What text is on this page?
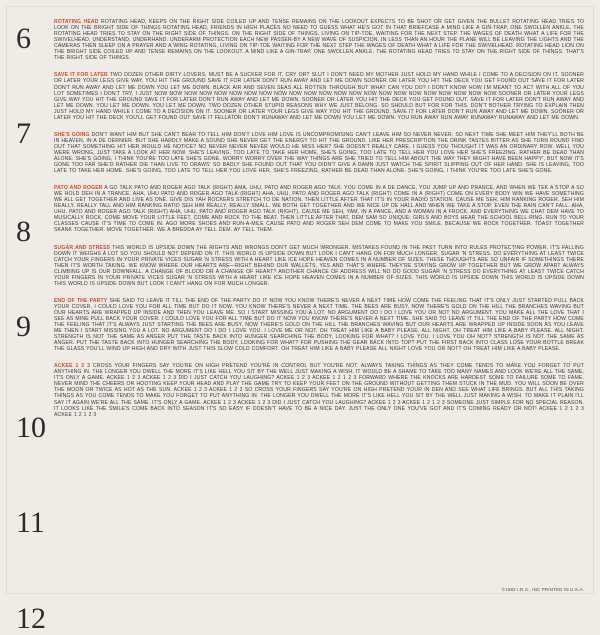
6
7
8
9
10
11
12

ROTATING HEAD ROTATING HEAD, KEEPS ON THE RIGHT SIDE COILED UP AND TENSE REMAINS ON THE LOOKOUT EXPECTS TO BE SHOT OR GET GIVEN THE BULLET ROTATING HEAD TRIES TO LOOK ON THE BRIGHT SIDE OF THINGS ROTATING HEAD, FRIENDS IN HIGH PLACES NO NEED TO GUESS WHAT HE'S GOT IN THAT BRIEFCASE A MIND LIKE A GIN-TRAP, ONE SWOLLEN ANKLE, THE ROTATING HEAD TRIES TO STAY ON THE RIGHT SIDE OF THINGS. ON THE RIGHT SIDE OF THINGS. LIVING ON TIP-TOE, WAITING FOR THE NEXT STEP. THE WAGES OF DEATH WHAT A LIFE FOR THE SWIVELHEAD. UNDERSTAND, UNDERHAND. UNDERARM PROTECTION EACH NEW PASSER-BY A NEW WAVE OF SUSPICION. IN LESS THAN AN HOUR THE PLANE WILL BE LEAVING THE LIGHTS AND THE CAMERAS THEN SLEEP ON A PRAYER AND A WING ROTATING, LIVING ON TIP-TOE WAITING FOR THE NEXT STEP THE WAGES OF DEATH WHAT A LIFE FOR THE SWIVELHEAD. ROTATING HEAD LION ON THE BRIGHT SIDE COILED UP AND TENSE REMAINS ON THE LOOKOUT. A MIND LIKE A GIN-TRAP, ONE SWOLLEN ANKLE. THE ROTATING HEAD TRIES TO STAY ON THE RIGHT SIDE OF THINGS. THAT'S THE RIGHT SIDE OF THINGS.

SAVE IT FOR LATER TWO DOZEN OTHER DIRTY LOVERS, MUST BE A SUCKER FOR IT, CRY OR? SLUT I DON'T NEED MY MOTHER JUST HOLD MY HAND WHILE I COME TO A DECISION ON IT. SOONER OR LATER YOUR LEGS GIVE WAY, YOU HIT THE GROUND SAVE IT FOR LATER DON'T RUN AWAY AND LET ME DOWN SOONER OR LATER YOU HIT THE DECK YOU GET FOUND OUT SAVE IT FOR LATER DON'T RUN AWAY AND LET ME DOWN YOU LET ME DOWN. BLACK AIR AND SEVEN SEAS ALL ROTTEN THROUGH BUT WHAT CAN YOU DO? I DON'T KNOW HOW I'M MEANT TO ACT WITH ALL OF YOU LOT SOMETIMES I DON'T TRY, I JUST NOW NOW NOW NOW NOW NOW NOW NOW NOW NOW NOW NOW NOW NOW NOW NOW NOW NOW NOW NOW NOW NOW NOW SOONER OR LATER YOUR LEGS GIVE WAY YOU HIT THE GROUND SAVE IT FOR LATER DON'T RUN AWAY AND LET ME DOWN. SOONER OR LATER YOU HIT THE DECK YOU GET FOUND OUT. SAVE IT FOR LATER DON'T RUN AWAY AND LET ME DOWN. YOU LET ME DOWN. YOU LET ME DOWN. TWO DOZEN OTHER STUPID REASONS WHY WE JUST BELONG. SO SHOULD BUT FOR FOR THIS. DON'T BOTHER TRYING TO EXPLAIN THEN JUST HOLD MY HAND WHILE I COME TO A DECISION ON IT. SOONER OR LATER YOUR LEGS GIVE WAY YOU HIT THE GROUND. SAVE IT FOR LATER DON'T RUN AWAY AND LET ME DOWN. SOONER OR LATER YOU HIT THE DECK YOU'LL GET FOUND OUT SAVE IT FELLATOR DON'T RUNAWAY AND LET ME DOWN YOU LET ME DOWN. YOU RUN AWAY RUN AWAY RUNAWAY RUNAWAY AND LET ME DOWN.

SHE'S GOING DON'T WANT HIM BUT SHE CAN'T BEAR TO TELL HIM DON'T LOVE HIM LOVE IS UNCOMPROMISING CAN'T LEAVE HIM SO NEVER NEVER. SO NEXT TIME SHE MEET HIM THEY'LL BOTH BE IN HEAVEN, IN A DE DERNIER. BUT SHE HARDLY MAKE A SOUND SHE NEVER GET THE ENERGY TO HIT THE GROUND. LIKE HER PRESCRIPTION THE DRINK TASTES BITTER AS SHE TURN ROUND FIND OUT THAT SOMETHING HIT HER WOULD HE NOTICE? NO NEVER NEVER NEVER WOULD HE MISS HER? SHE DOESN'T REALLY CARE. I GUESS YOU THOUGHT IT WAS AN ORDINARY ROW. WELL YOU WERE WRONG, JUST TAKE A LOOK AT HER NOW. SHE'S LEAVING, TOO LATE TO TAKE HER HOME. SHE'S GOING, TOO LATE TO TELL HER YOU LOVE HER SHE'S FREEZING. RATHER BE DEAD THAN ALONE. SHE'S GOING, I THINK YOU'RE TOO LATE SHE'S GONE. WORRY WORRY OVER THE WAY THINGS ARE SHE TRIED TO TELL HIM ABOUT THE WAY THEY MIGHT HAVE BEEN HAPPY', BUT NOW IT'S GONE TOO FAR SHE'D RATHER DIE THAN LIVE TO DRAWS' SO BADLY SHE FOUND OUT THAT YOU DIDN'T GIVE A DAMN JUST WATCH THE SPIRIT SLIPPING OUT OF HER HAND. SHE IS LEAVING, TOO LATE TO TAKE HER HOME. SHE'S GOING, TOO LATE TO TELL HER YOU LOVE HER. SHE'S FREEZING, RATHER BE DEAD THAN ALONE. SHE'S GOING, I THINK YOU'RE TOO LATE SHE'S GONE.

PATO AND ROGER A GO TALK PATO AND ROGER AGO TALK (RIGHT) AMA, UHU, PATO AND ROGER AGO TALK. YOU COME IN A DE DANCE, YOU JUMP UP AND PRANCE, AND WHEN WE TEK A STOP A SO WE HOLD DEH IN A TRANCE. AHA, UHU PATO AND ROGER AGO TALK (RIGHT) AHA, UHU, PATO AND ROGER AGO TALK (RIGHT) COME IN A (RIGHT) COME ON EVERY BODY WIN WE HAVE SOMETHING WE ALL GET TOGETHER AND LIVE AS ONE. GIVE DIS YAH ROCKERS STRETCH TO DE NATION. THEN LITTLE AFTER THAT IT'S IN YOUR RADIO STATION. CAUSE ME SEH, HIM RANKING ROGER. SEH HIM REALLY. REALLY TALL AND HIM RANKING RATIO SEH HIM REALLY. REALLY SMALL. WE BOTH GET TOGETHER AND WE NICE UP DE HALL AND WHEN WE TAKE A STOP. EVEN THE RAIN CAN'T FALL. AHA, UHU. PATO AND ROGER AGO TALK (RIGHT) AHA, UHU. PATO AND ROGER AGO TALK (RIGHT). CAUSE ME SEH, YAM, IN A PANCE, AND A WOMAN IN A FROCK. AND EVERYTHING WE CHAT DEM HAVE TO MUSICALLY ROCK. COME MOVE YOUR LITTLE FEET, COME AND ROCK TO THE BEAT. THEN LITTLE AFTER THAT, DEM SAM SO UNIQUE: GIRLS AND BOYS HEAR THE SCHOOL BELL RING. RUN TO YOUR CLASSES CAUSE IT'S TIME TO COME IN. AGO MORE SHOES AND RUN-A-MILE CAUSE PATO AND ROGER SEH DEM COME TO MAKE YOU SMILE. BECAUSE WE ROCK TOGETHER. TOAST TOGETHER SKANK TOGETHER. MOVE TOGETHER. WE A BREDDA AY TELL DEM. AY TELL THEM.

SUGAR AND STRESS THIS WORLD IS UPSIDE DOWN THE RIGHTS AND WRONGS DON'T GET MUCH WRONGER. MISTAKES FOUND IN THE PAST TURN INTO RULES PROTECTING POWER. IT'S FALLING DOWN IT WEIGHS A LOT SO YOU SHOULD NOT DEPEND ON IT. THIS WORLD IS UPSIDE DOWN BUT LOOK I CAN'T HANG ON FOR MUCH LONGER. SUGAR 'N STRESS. DO EVERYTHING AT LEAST TWICE CATCH YOUR FINGERS IN YOUR PRIVATE VICES SUGAR 'N STRESS WITH A HEART LIKE ICE HOPE HEAVEN COMES IN A NUMBER OF SIZES. THESE THOUGHTS ARE SO UNFAIR IF SOMETHINGS THERE THEN IT'S WORTH TAKING. WE KNOW WHERE OUR HEARTS ARE—RIGHT BEHIND OUR WALLETS, YES AND THAT'S WHERE THEY'RE STAYING GROW UP TOGETHER BUT WE GROW APART ALWAYS CLIMBING UP IS OUR DOWNFALL. A CHANGE OF BLOOD OR A CHANGE OF HEART? ANOTHER CHANCE OF ADDRESS WILL NO DO GOOD SUGAR 'N STRESS DO EVERYTHING AT LEAST TWICE CATCH YOUR FINGERS IN YOUR PRIVATE VICES SUGAR 'N STRESS WITH A HEART LIKE ICE HOPE HEAVEN COMES IN A NUMBER OF SIZES. THIS WORLD IS UPSIDE DOWN THIS WORLD IS UPSIDE DOWN THIS WORLD IS UPSIDE DOWN BUT LOOK I CAN'T HANG ON FOR MUCH LONGER.

END OF THE PARTY SHE SAID TO LEAVE IT TILL THE END OF THE PARTY DO IT NOW YOU KNOW THERE'S NEVER A NEXT TIME HOW COME THE FEELING THAT IT'S ONLY JUST STARTED PULL BACK YOUR COVER, I COULD LOVE YOU FOR ALL TIME BUT DO IT NOW. YOU KNOW THERE'S NEVER A NEXT TIME. THE BEES ARE BUSY, NOW THERE'S GOLD ON THE HILL THE BRANCHES WAVING BUT OUR HEARTS ARE WRAPPED UP INSIDE AND THEN YOU LEAVE ME. SO I START MISSING YOU A LOT. NO ARGUMENT DO I DO I LOVE YOU OR NOT NO ARGUMENT. YOU MAKE ALL THE LOVE THAT I SEE AS MINE PULL BACK YOUR COVER. I COULD LOVE YOU FOR ALL TIME BUT DO IT NOW YOU KNOW THERE'S NEVER A NEXT TIME. SHE SAID TO LEAVE IT TILL THE END OF THE PARTY HOW COME THE FEELING THAT IT'S ALWAYS JUST STARTING THE BEES ARE BUSY, NOW THERE'S GOLD ON THE HILL THE BRANCHES WAVING BUT OUR HEARTS ARE WRAPPED UP INSIDE SOON AS YOU LEAVE ME THEN I START MISSING YOU A LOT. NO ARGUMENT DO I DO I LOVE YOU. I LOVE ME OR NOT. OH TREAT HIM LIKE A BABY PLEASE. ALL NIGHT. OH TREAT HIM LIKE A BABY PLEASE. ALL NIGHT. STRENGTH IS NOT THE SAME AS ANGER PUT THE TASTE BACK INTO HUNGER SEARCHING THE BODY, LOOKING FOR WHAT? I LOVE YOU. I LOVE YOU OH NOT? STRENGTH IS NOT THE SAME AS ANGER. PUT THE TASTE BACK INTO HUNGER SEARCHING THE BODY, LOOKING FOR WHAT? FOR PUSHING THE GEAR BACK INTO TOP? PUT THE FIRST BACK INTO CLASS LOSE YOUR BOTTLE BREAK THE GLASS YOU'LL WIND UP HIGH AND DRY WITH JUST THIS SLOW COLD COMFORT. OH TREAT HIM LIKE A BABY PLEASE ALL NIGHT LOVE YOU OR NOT? OH TREAT HIM LIKE A BABY PLEASE.

ACKEE 1 2 3 CROSS YOUR FINGERS SAY YOU'RE ON HIGH PRETEND YOU'RE IN CONTROL BUT YOU'RE NOT. ALWAYS TAKING THINGS AS THEY COME TENDS TO MAKE YOU FORGET TO PUT ANYTHING IN. THE LONGER YOU DWELL THE MORE IT'S LIKE HELL YOU SIT BY THE WELL JUST MAKING A WISH. IT WOULD BE A SHAME TO TAKE TOO MANY NAMES AND LOOK WE'RE ALL THE SAME, IT'S ONLY A GAME. ACKEE 1 2 3 ACKEE 1 2 3 DID I JUST CATCH YOU LAUGHING? ACKEE 1 2 3 ACKEE 1 2 1 2 3 FORWARD WHERE THE KNOCKS ARE HARDEST SOME TO FAILURE SOME TO FAME. NEVER MIND THE CHEERS OR HOOTING KEEP YOUR HEAD AND PLAY THE GAME TRY TO KEEP YOUR FEET ON THE GROUND WITHOUT GETTING THEM STUCK IN THE MUD. YOU WILL SOON BE OVER THE MOON OR TWICE AS HOT AS THE SUN. ACKEE 1 2 3 ACKEE 1 2 3 SO CROSS YOUR FINGERS SAY YOU'RE ON HIGH PRETEND YOUR IN DEN AND SEE WHAT LIFE BRINGS. BUT ALL THIS TAKING THINGS AS YOU COME TENDS TO MAKE YOU FORGET TO PUT ANYTHING IN. THE LONGER YOU DWELL THE MORE IT'S LIKE HELL YOU SIT BY THE WELL JUST MAKING A WISH. TO MAKE IT PLAIN I'LL SAY IT AGAIN WE'RE ALL THE SAME. IT'S ONLY A GAME. ACKEE 1 2 3 ACKEE 1 2 3 DID I JUST CATCH YOU LAUGHING? ACKEE 1 2 3 ACKEE 1 2 1 2 3 SOMEONE JUST SIMPLE FOR NO SPECIAL REASON. IT LOOKS LIKE THE SMILE'S COME BACK INTO SEASON IT'S SO EASY IF DOESN'T HAVE TO BE A NICE DAY. JUST THE ONLY ONE YOU'VE GOT AND IT'S COMING READY OR NOT! ACKEE 1 2 1 2 3 ACKEE 1 2 1 2 3

©1982 I.R.S., INC PRINTED IN U.S.A.
